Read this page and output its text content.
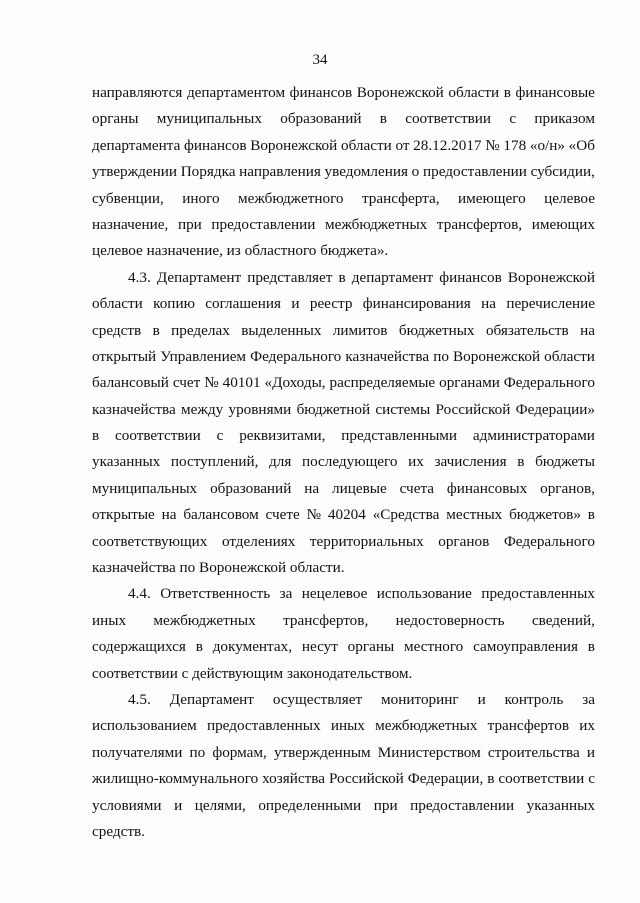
34
направляются департаментом финансов Воронежской области в финансовые
органы муниципальных образований в соответствии с приказом
департамента финансов Воронежской области от 28.12.2017 № 178 «о/н» «Об
утверждении Порядка направления уведомления о предоставлении субсидии,
субвенции, иного межбюджетного трансферта, имеющего целевое
назначение, при предоставлении межбюджетных трансфертов, имеющих
целевое назначение, из областного бюджета».
4.3. Департамент представляет в департамент финансов Воронежской
области копию соглашения и реестр финансирования на перечисление
средств в пределах выделенных лимитов бюджетных обязательств на
открытый Управлением Федерального казначейства по Воронежской области
балансовый счет № 40101 «Доходы, распределяемые органами Федерального
казначейства между уровнями бюджетной системы Российской Федерации»
в соответствии с реквизитами, представленными администраторами
указанных поступлений, для последующего их зачисления в бюджеты
муниципальных образований на лицевые счета финансовых органов,
открытые на балансовом счете № 40204 «Средства местных бюджетов» в
соответствующих отделениях территориальных органов Федерального
казначейства по Воронежской области.
4.4. Ответственность за нецелевое использование предоставленных
иных межбюджетных трансфертов, недостоверность сведений,
содержащихся в документах, несут органы местного самоуправления в
соответствии с действующим законодательством.
4.5. Департамент осуществляет мониторинг и контроль за
использованием предоставленных иных межбюджетных трансфертов их
получателями по формам, утвержденным Министерством строительства и
жилищно-коммунального хозяйства Российской Федерации, в соответствии с
условиями и целями, определенными при предоставлении указанных
средств.
